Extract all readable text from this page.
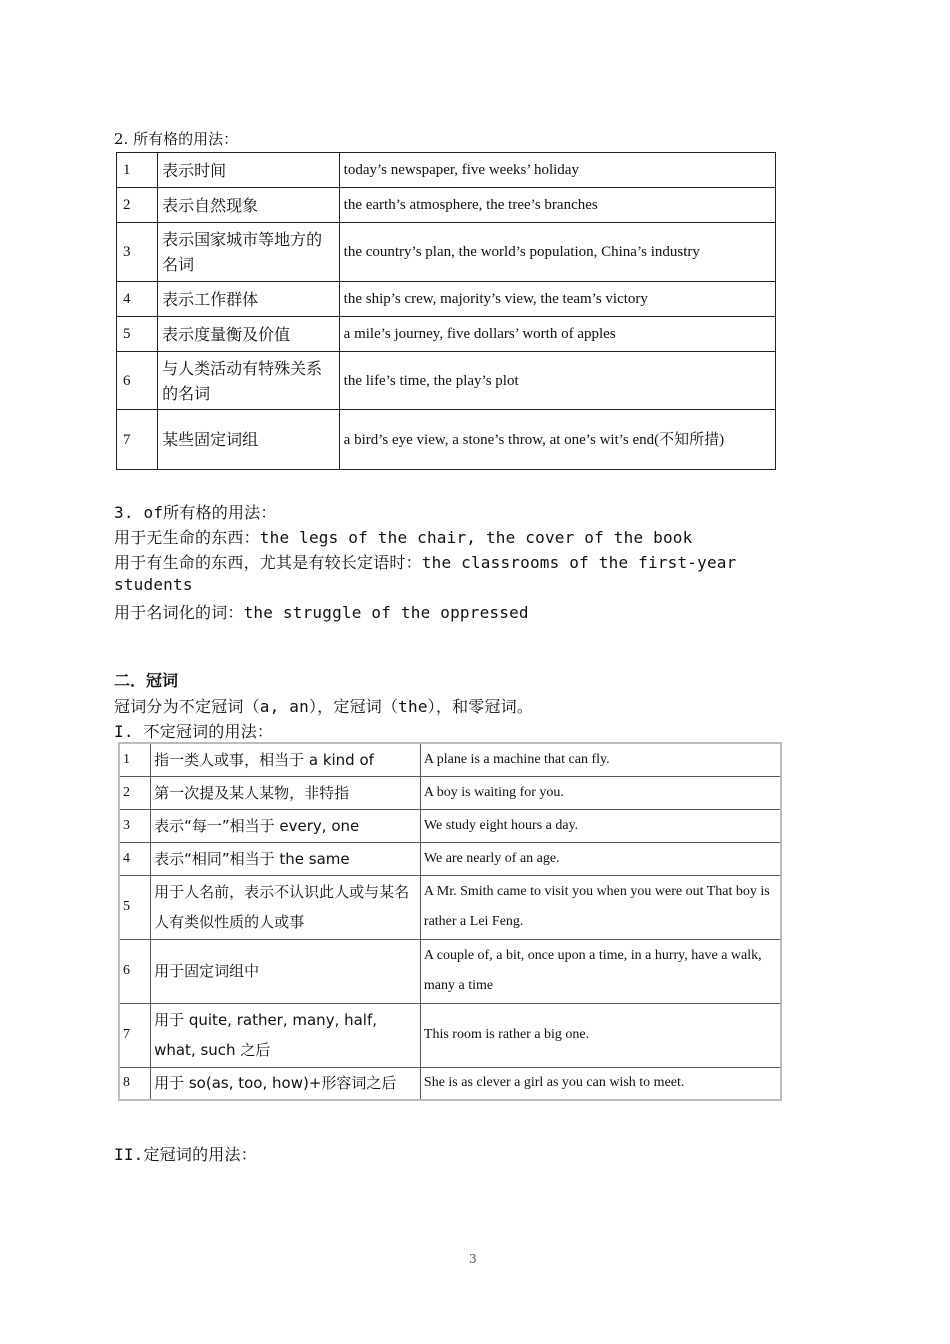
2. 所有格的用法：
1	表示时间	today’s newspaper, five weeks’ holiday
2	表示自然现象	the earth’s atmosphere, the tree’s branches
3	表示国家城市等地方的名词	the country’s plan, the world’s population, China’s industry
4	表示工作群体	the ship’s crew, majority’s view, the team’s victory
5	表示度量衡及价值	a mile’s journey, five dollars’ worth of apples
6	与人类活动有特殊关系的名词	the life’s time, the play’s plot
7	某些固定词组	a bird’s eye view, a stone’s throw, at one’s wit’s end(不知所措)
3. of所有格的用法：
用于无生命的东西：the legs of the chair, the cover of the book
用于有生命的东西，尤其是有较长定语时：the classrooms of the first-year
students
用于名词化的词：the struggle of the oppressed
二．冠词
冠词分为不定冠词（a, an），定冠词（the），和零冠词。
I. 不定冠词的用法：
1	指一类人或事，相当于 a kind of	A plane is a machine that can fly.
2	第一次提及某人某物，非特指	A boy is waiting for you.
3	表示“每一”相当于 every, one	We study eight hours a day.
4	表示“相同”相当于 the same	We are nearly of an age.
5	用于人名前，表示不认识此人或与某名人有类似性质的人或事	A Mr. Smith came to visit you when you were out That boy is rather a Lei Feng.
6	用于固定词组中	A couple of, a bit, once upon a time, in a hurry, have a walk, many a time
7	用于 quite, rather, many, half, what, such 之后	This room is rather a big one.
8	用于 so(as, too, how)+形容词之后	She is as clever a girl as you can wish to meet.
II.定冠词的用法：
3
